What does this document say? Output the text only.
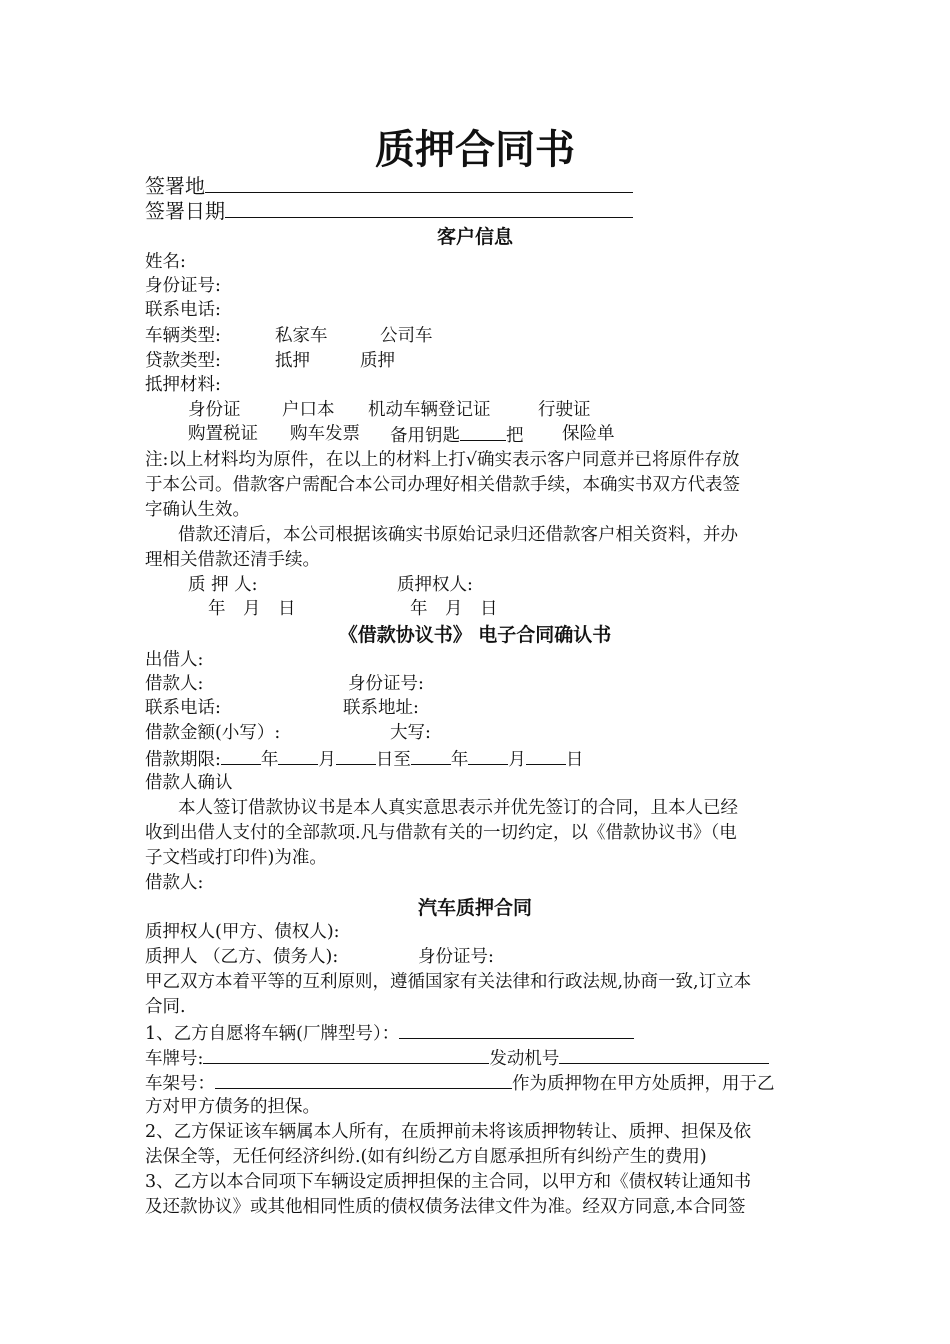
质押合同书
签署地
签署日期
客户信息
姓名:
身份证号:
联系电话:
车辆类型:	私家车	公司车
贷款类型:	抵押	质押
抵押材料:
身份证 户口本 机动车辆登记证	行驶证
购置税证 购车发票 备用钥匙	把 保险单
注:以上材料均为原件，在以上的材料上打√确实表示客户同意并已将原件存放
于本公司。借款客户需配合本公司办理好相关借款手续，本确实书双方代表签
字确认生效。
借款还清后，本公司根据该确实书原始记录归还借款客户相关资料，并办
理相关借款还清手续。
质 押 人:	质押权人:
年　月　日	年　月　日
《借款协议书》 电子合同确认书
出借人:
借款人:	身份证号:
联系电话:	联系地址:
借款金额(小写）:	大写:
借款期限: 年 月 日至 年 月 日
借款人确认
本人签订借款协议书是本人真实意思表示并优先签订的合同，且本人已经
收到出借人支付的全部款项.凡与借款有关的一切约定，以《借款协议书》（电
子文档或打印件)为准。
借款人:
汽车质押合同
质押权人(甲方、债权人):
质押人 （乙方、债务人):	身份证号:
甲乙双方本着平等的互利原则，遵循国家有关法律和行政法规,协商一致,订立本
合同.
1、乙方自愿将车辆(厂牌型号）：
车牌号:	发动机号
车架号：	作为质押物在甲方处质押，用于乙
方对甲方债务的担保。
2、乙方保证该车辆属本人所有，在质押前未将该质押物转让、质押、担保及依
法保全等，无任何经济纠纷.(如有纠纷乙方自愿承担所有纠纷产生的费用)
3、乙方以本合同项下车辆设定质押担保的主合同，以甲方和《债权转让通知书
及还款协议》或其他相同性质的债权债务法律文件为准。经双方同意,本合同签
